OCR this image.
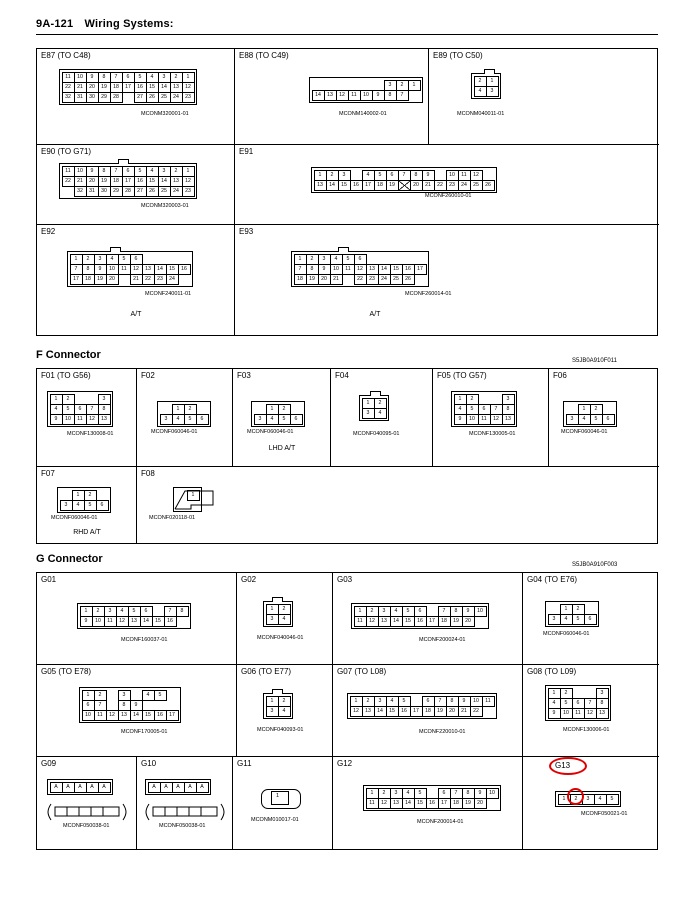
9A-121 Wiring Systems:
E87 (TO C48)
11	10	9	8	7	6	5	4	3	2	1
22	21	20	19	18	17	16	15	14	13	12
32	31	30	29	28		27	26	25	24	23
MCONM320001-01
E88 (TO C49)
						3	2	1
14	13	12	11	10	9	8	7	
MCONM140002-01
E89 (TO C50)
2	1
4	3
MCONM040011-01
E90 (TO G71)
11	10	9	8	7	6	5	4	3	2	1
22	21	20	19	18	17	16	15	14	13	12
	32	31	30	29	28	27	26	25	24	23
MCONM320003-01
E91
1	2	3		4	5	6	7	8	9		10	11	12	
13	14	15	16	17	18	19		20	21	22	23	24	25	26
MCONF260010-01
E92
1	2	3	4	5	6				
7	8	9	10	11	12	13	14	15	16
17	18	19	20		21	22	23	24	
MCONF240011-01
A/T
E93
1	2	3	4	5	6					
7	8	9	10	11	12	13	14	15	16	17
18	19	20	21		22	23	24	25	26	
MCONF260014-01
A/T
F Connector	S5JB0A910F011
F01 (TO G56)
1	2			3
4	5	6	7	8
9	10	11	12	13
MCONF130008-01
F02
	1	2	
3	4	5	6
MCONF060046-01
F03
	1	2	
3	4	5	6
MCONF060046-01
LHD A/T
F04
1	2
3	4
MCONF040095-01
F05 (TO G57)
1	2			3
4	5	6	7	8
9	10	11	12	13
MCONF130005-01
F06
	1	2	
3	4	5	6
MCONF060046-01
F07
	1	2	
3	4	5	6
MCONF060046-01
RHD A/T
F08
	1

MCONF020118-01
G Connector	S5JB0A910F003
G01
1	2	3	4	5	6		7	8
9	10	11	12	13	14	15	16	
MCONF160037-01
G02
1	2
3	4
MCONF040046-01
G03
1	2	3	4	5	6		7	8	9	10
11	12	13	14	15	16	17	18	19	20	
MCONF200024-01
G04 (TO E76)
	1	2	
3	4	5	6
MCONF060046-01
G05 (TO E78)
1	2		3		4	5	
6	7		8	9			
10	11	12	13	14	15	16	17
MCONF170005-01
G06 (TO E77)
1	2
3	4
MCONF040093-01
G07 (TO L08)
1	2	3	4	5		6	7	8	9	10	11
12	13	14	15	16	17	18	19	20	21	22	
MCONF220010-01
G08 (TO L09)
1	2			3
4	5	6	7	8
9	10	11	12	13
MCONF130006-01
G09
A	A	A	A	A
MCONF050038-01
G10
A	A	A	A	A
MCONF050038-01
G11
1
MCONM010017-01
G12
1	2	3	4	5		6	7	8	9	10
11	12	13	14	15	16	17	18	19	20	
MCONF200014-01
G13
1	2	3	4	5
MCONF050021-01
